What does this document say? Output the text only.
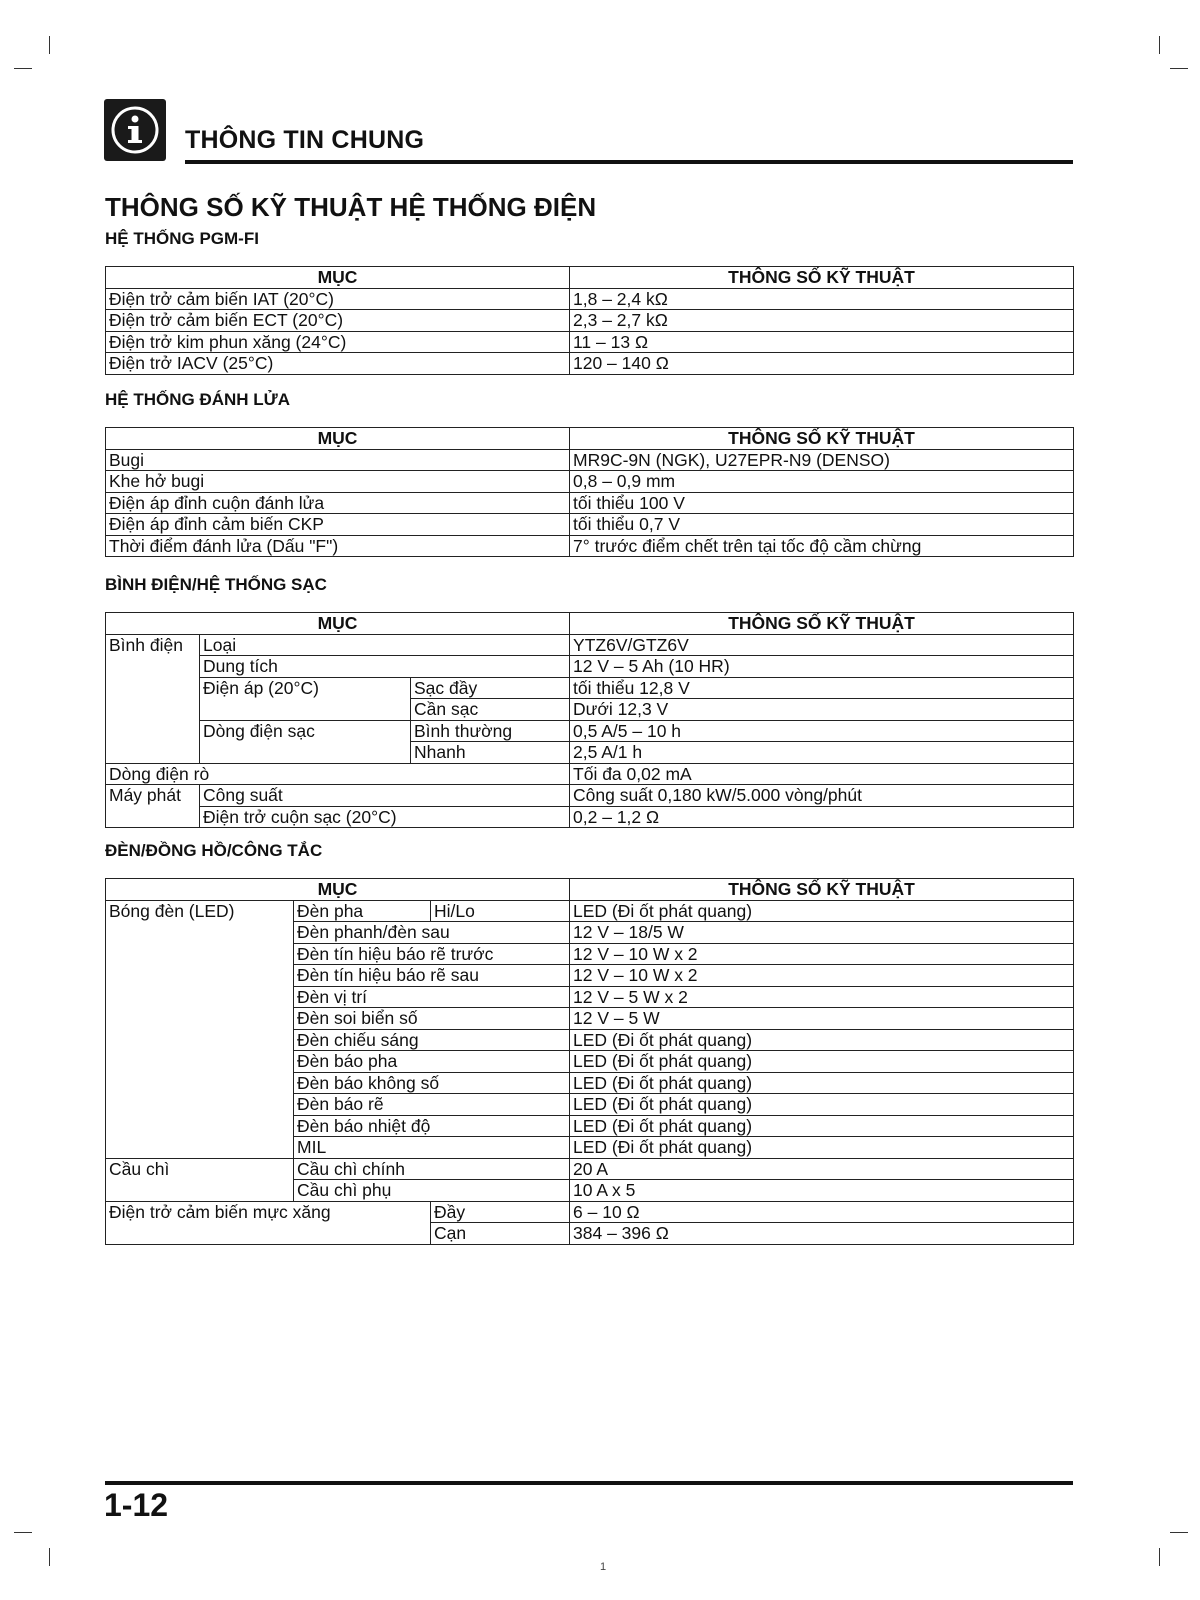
THÔNG TIN CHUNG
THÔNG SỐ KỸ THUẬT HỆ THỐNG ĐIỆN
HỆ THỐNG PGM-FI
MỤC	THÔNG SỐ KỸ THUẬT
Điện trở cảm biến IAT (20°C)	1,8 – 2,4 kΩ
Điện trở cảm biến ECT (20°C)	2,3 – 2,7 kΩ
Điện trở kim phun xăng (24°C)	11 – 13 Ω
Điện trở IACV (25°C)	120 – 140 Ω
HỆ THỐNG ĐÁNH LỬA
MỤC	THÔNG SỐ KỸ THUẬT
Bugi	MR9C-9N (NGK), U27EPR-N9 (DENSO)
Khe hở bugi	0,8 – 0,9 mm
Điện áp đỉnh cuộn đánh lửa	tối thiểu 100 V
Điện áp đỉnh cảm biến CKP	tối thiểu 0,7 V
Thời điểm đánh lửa (Dấu "F")	7° trước điểm chết trên tại tốc độ cầm chừng
BÌNH ĐIỆN/HỆ THỐNG SẠC
MỤC			THÔNG SỐ KỸ THUẬT
Bình điện	Loại		YTZ6V/GTZ6V
	Dung tích		12 V – 5 Ah (10 HR)
	Điện áp (20°C)	Sạc đầy	tối thiểu 12,8 V
		Cần sạc	Dưới 12,3 V
	Dòng điện sạc	Bình thường	0,5 A/5 – 10 h
		Nhanh	2,5 A/1 h
Dòng điện rò			Tối đa 0,02 mA
Máy phát	Công suất		Công suất 0,180 kW/5.000 vòng/phút
	Điện trở cuộn sạc (20°C)		0,2 – 1,2 Ω
ĐÈN/ĐỒNG HỒ/CÔNG TẮC
MỤC			THÔNG SỐ KỸ THUẬT
Bóng đèn (LED)	Đèn pha	Hi/Lo	LED (Đi ốt phát quang)
	Đèn phanh/đèn sau		12 V – 18/5 W
	Đèn tín hiệu báo rẽ trước		12 V – 10 W x 2
	Đèn tín hiệu báo rẽ sau		12 V – 10 W x 2
	Đèn vị trí		12 V – 5 W x 2
	Đèn soi biển số		12 V – 5 W
	Đèn chiếu sáng		LED (Đi ốt phát quang)
	Đèn báo pha		LED (Đi ốt phát quang)
	Đèn báo không số		LED (Đi ốt phát quang)
	Đèn báo rẽ		LED (Đi ốt phát quang)
	Đèn báo nhiệt độ		LED (Đi ốt phát quang)
	MIL		LED (Đi ốt phát quang)
Cầu chì	Cầu chì chính		20 A
	Cầu chì phụ		10 A x 5
Điện trở cảm biến mực xăng		Đầy	6 – 10 Ω
		Cạn	384 – 396 Ω
1-12
1
